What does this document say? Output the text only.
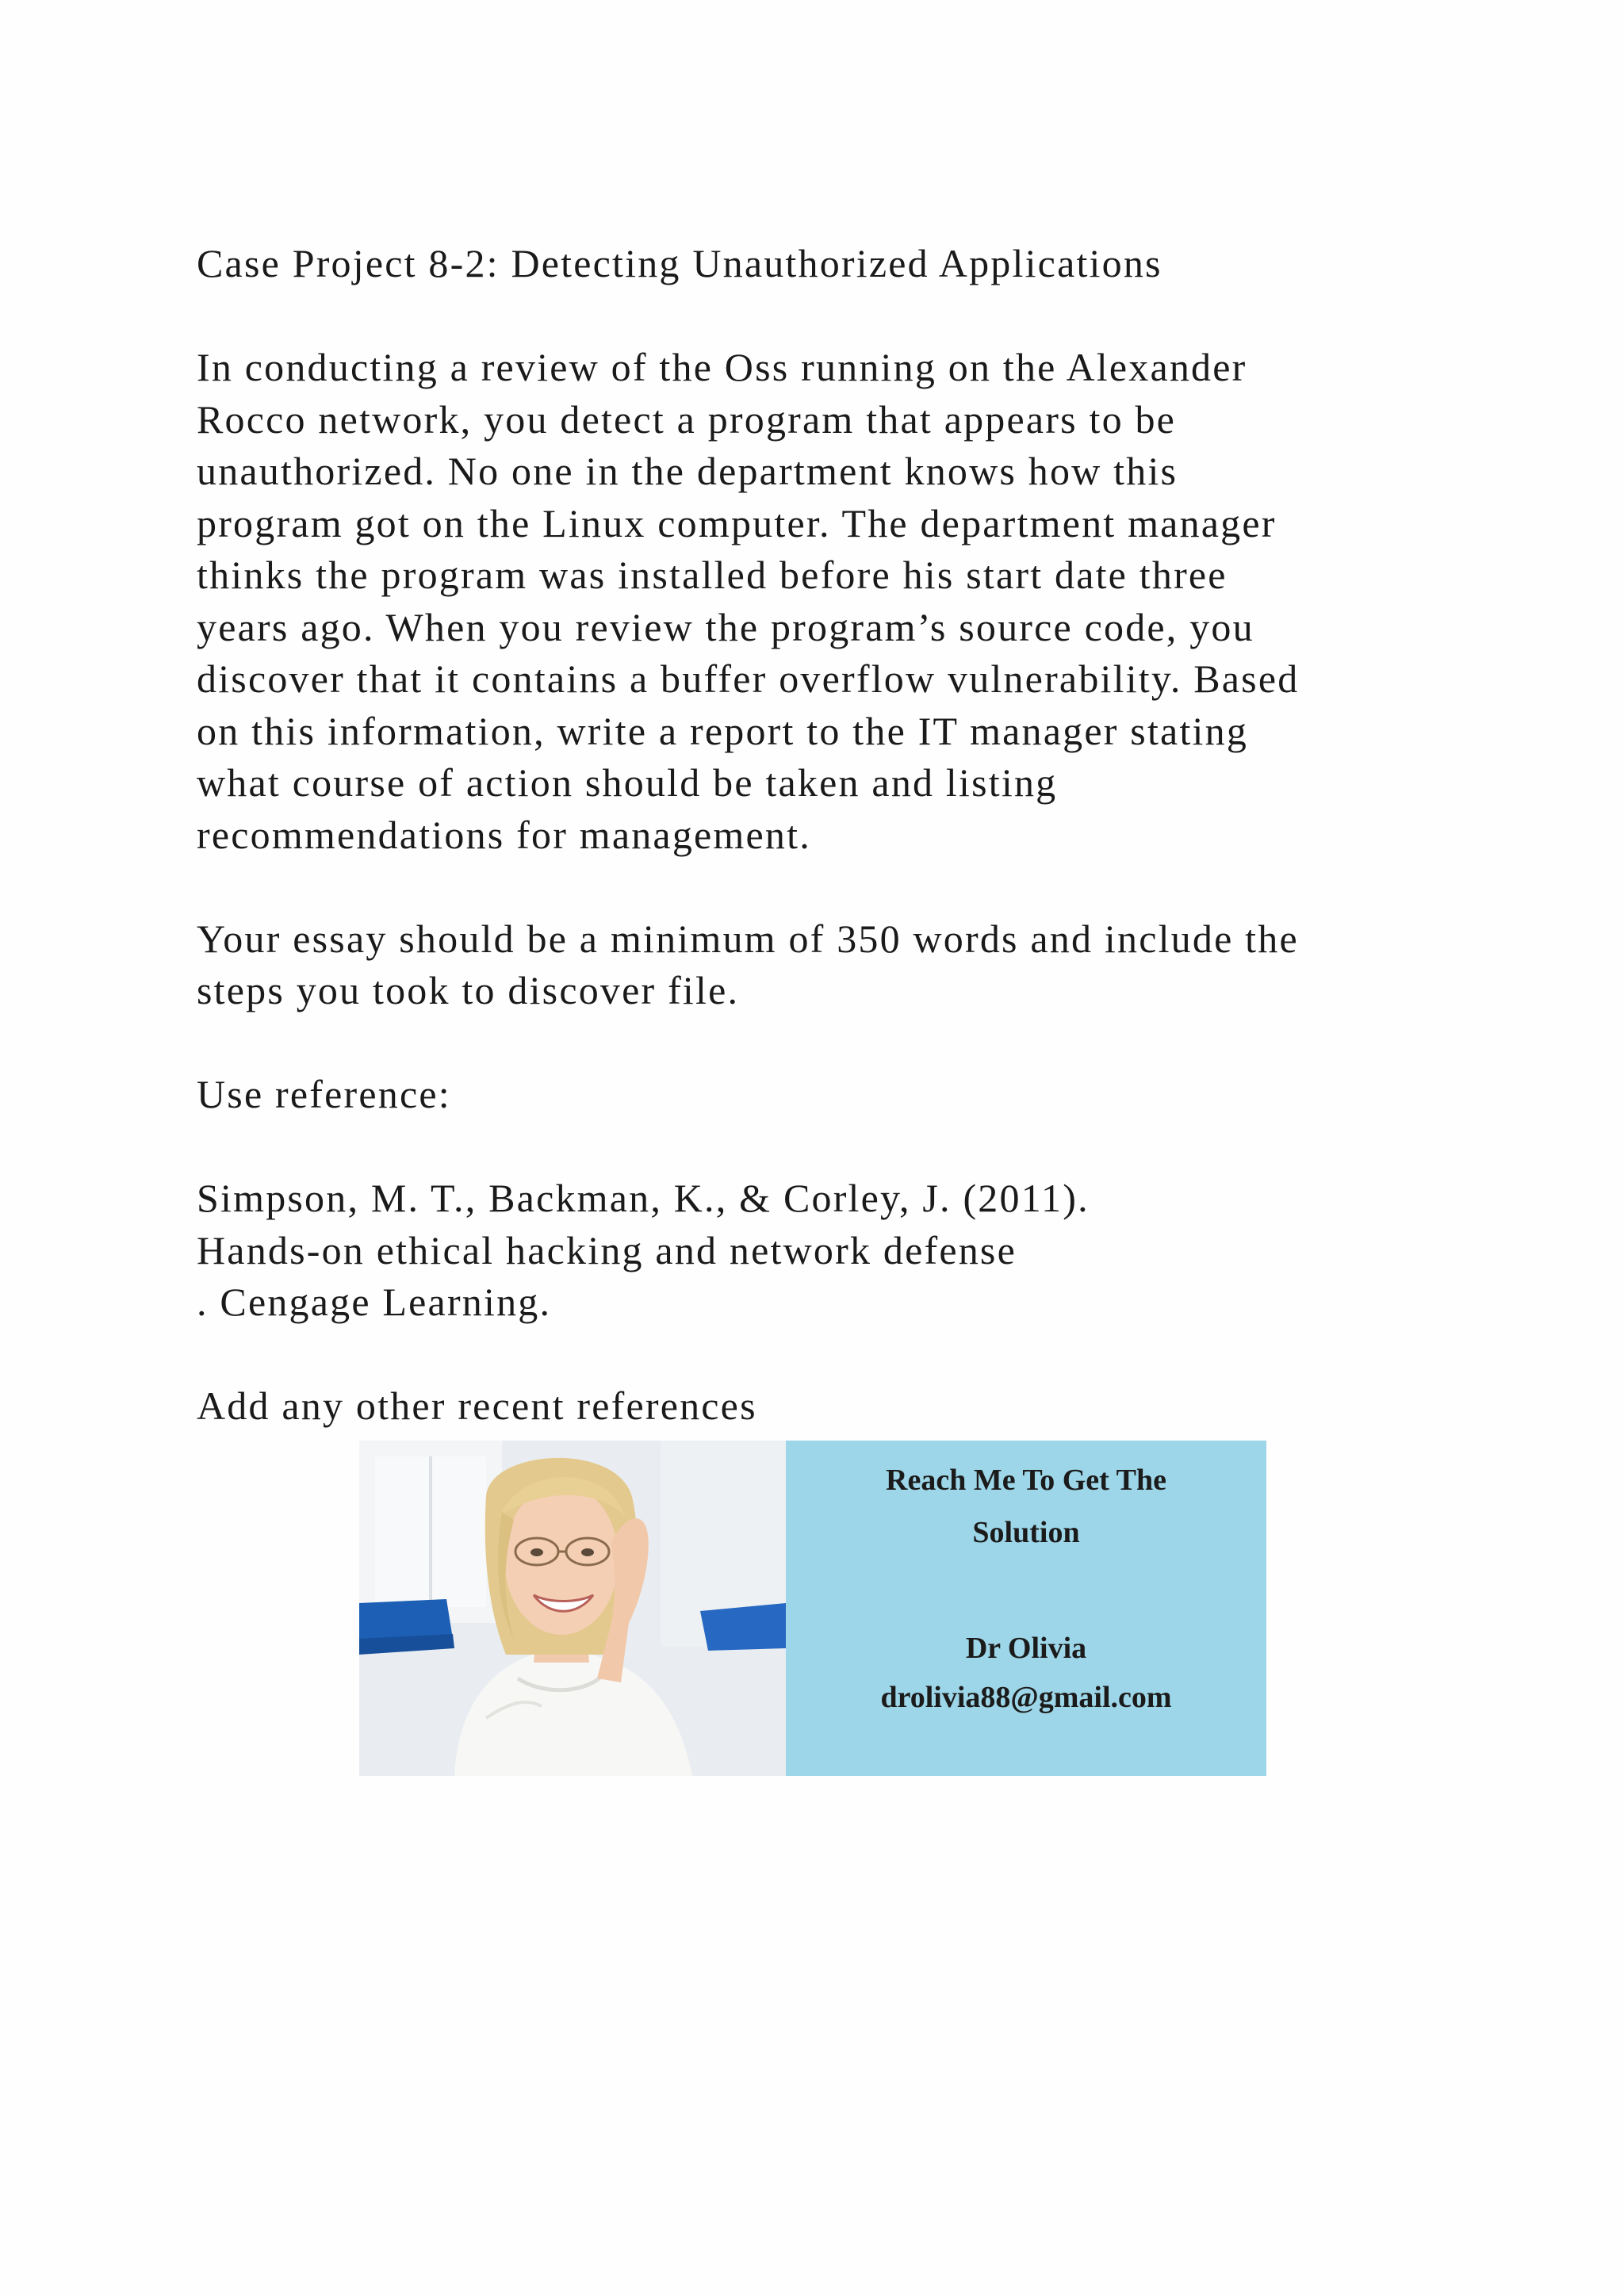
Case Project 8-2: Detecting Unauthorized Applications
In conducting a review of the Oss running on the Alexander
Rocco network, you detect a program that appears to be
unauthorized. No one in the department knows how this
program got on the Linux computer. The department manager
thinks the program was installed before his start date three
years ago. When you review the program’s source code, you
discover that it contains a buffer overflow vulnerability. Based
on this information, write a report to the IT manager stating
what course of action should be taken and listing
recommendations for management.
Your essay should be a minimum of 350 words and include the
steps you took to discover file.
Use reference:
Simpson, M. T., Backman, K., & Corley, J. (2011).
Hands-on ethical hacking and network defense
. Cengage Learning.
Add any other recent references
Reach Me To Get The
Solution
Dr Olivia
drolivia88@gmail.com
